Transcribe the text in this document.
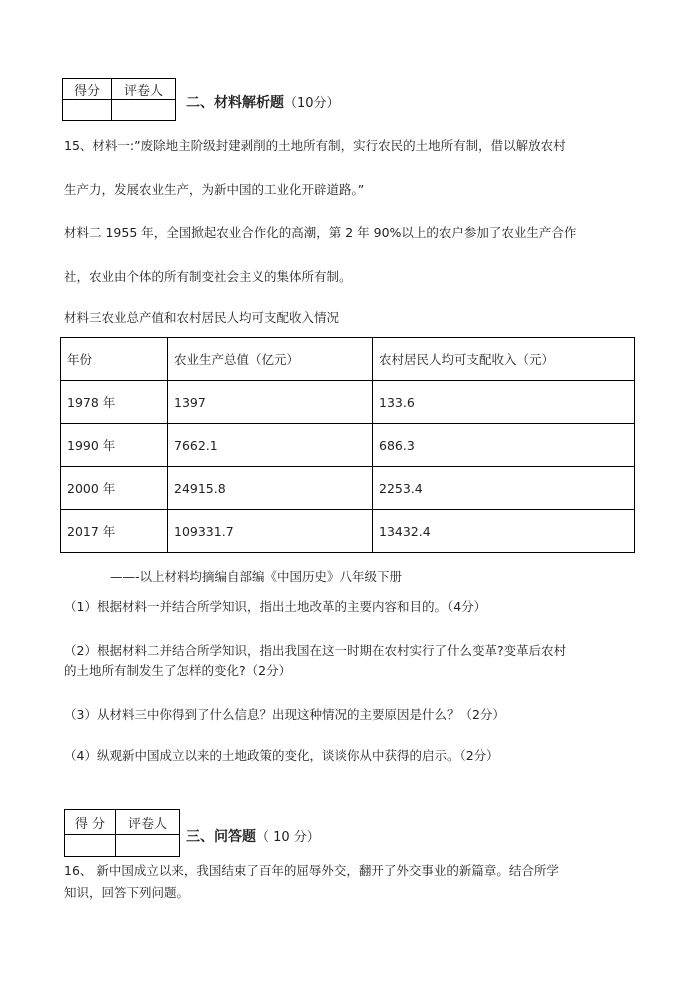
得分	评卷人

二、材料解析题（10分）
15、材料一:”废除地主阶级封建剥削的土地所有制，实行农民的土地所有制，借以解放农村
生产力，发展农业生产，为新中国的工业化开辟道路。”
材料二 1955 年，全国掀起农业合作化的高潮，第 2 年 90%以上的农户参加了农业生产合作
社，农业由个体的所有制变社会主义的集体所有制。
材料三农业总产值和农村居民人均可支配收入情况
年份	农业生产总值（亿元）	农村居民人均可支配收入（元）
1978 年	1397	133.6
1990 年	7662.1	686.3
2000 年	24915.8	2253.4
2017 年	109331.7	13432.4
——-以上材料均摘编自部编《中国历史》八年级下册
（1）根据材料一并结合所学知识，指出土地改革的主要内容和目的。（4分）
（2）根据材料二并结合所学知识，指出我国在这一时期在农村实行了什么变革?变革后农村
的土地所有制发生了怎样的变化?（2分）
（3）从材料三中你得到了什么信息？出现这种情况的主要原因是什么？（2分）
（4）纵观新中国成立以来的土地政策的变化，谈谈你从中获得的启示。（2分）
得 分	评卷人

三、问答题（ 10 分）
16、 新中国成立以来，我国结束了百年的屈辱外交，翻开了外交事业的新篇章。结合所学
知识，回答下列问题。
